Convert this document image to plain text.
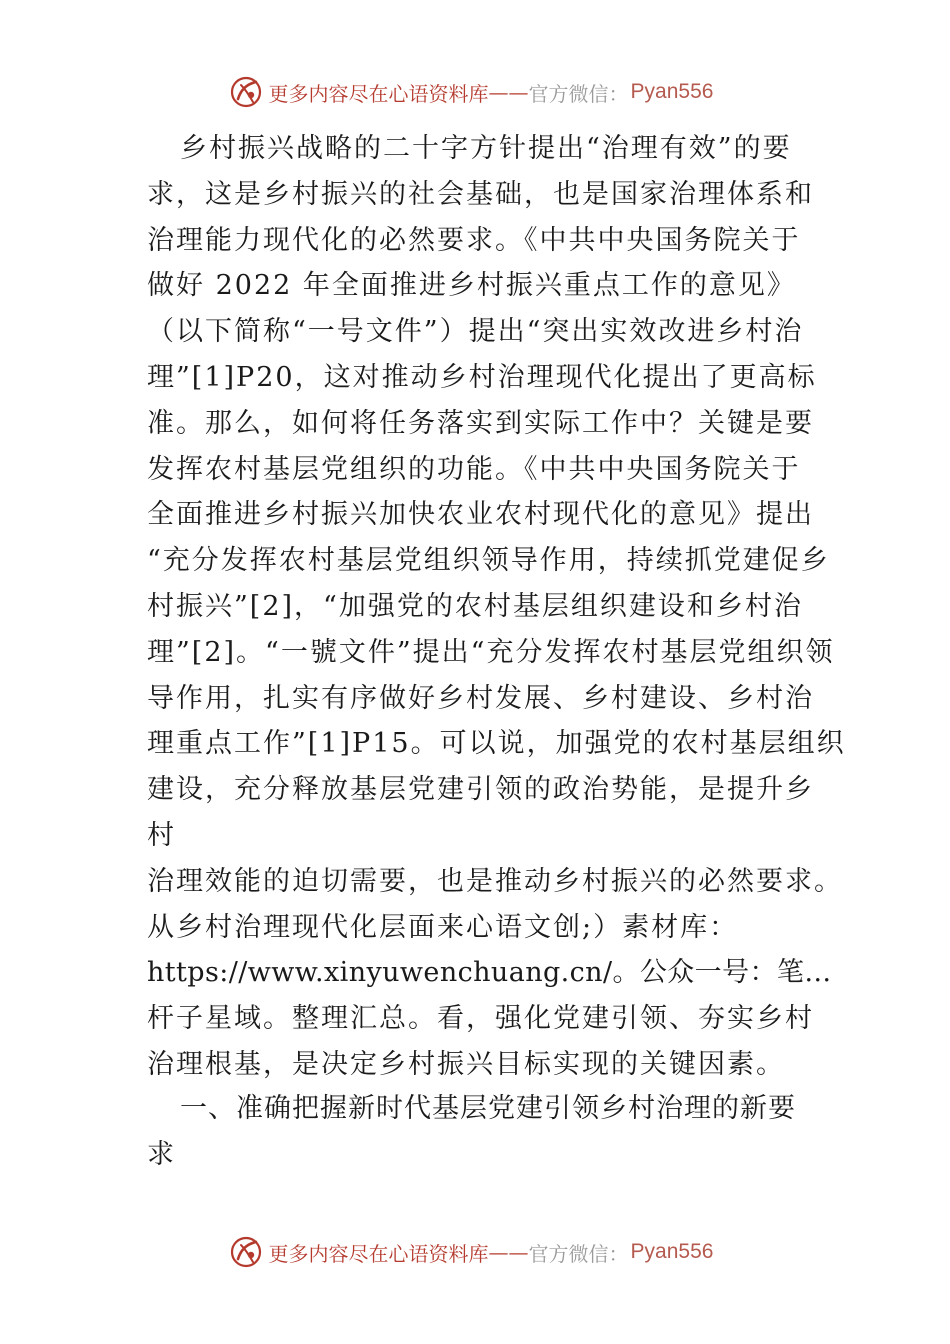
更多内容尽在心语资料库 —— 官方微信： Pyan556
乡村振兴战略的二十字方针提出“治理有效”的要
求，这是乡村振兴的社会基础，也是国家治理体系和
治理能力现代化的必然要求。《中共中央国务院关于
做好 2022 年全面推进乡村振兴重点工作的意见》
（以下简称“一号文件”）提出“突出实效改进乡村治
理”[1]P20，这对推动乡村治理现代化提出了更高标
准。那么，如何将任务落实到实际工作中？关键是要
发挥农村基层党组织的功能。《中共中央国务院关于
全面推进乡村振兴加快农业农村现代化的意见》提出
“充分发挥农村基层党组织领导作用，持续抓党建促乡
村振兴”[2]，“加强党的农村基层组织建设和乡村治
理”[2]。“一號文件”提出“充分发挥农村基层党组织领
导作用，扎实有序做好乡村发展、乡村建设、乡村治
理重点工作”[1]P15。可以说，加强党的农村基层组织
建设，充分释放基层党建引领的政治势能，是提升乡
村
治理效能的迫切需要，也是推动乡村振兴的必然要求。
从乡村治理现代化层面来心语文创;）素材库：
https://www.xinyuwenchuang.cn/。公众一号：笔…
杆子星域。整理汇总。看，强化党建引领、夯实乡村
治理根基，是决定乡村振兴目标实现的关键因素。
一、准确把握新时代基层党建引领乡村治理的新要
求
更多内容尽在心语资料库 —— 官方微信： Pyan556
